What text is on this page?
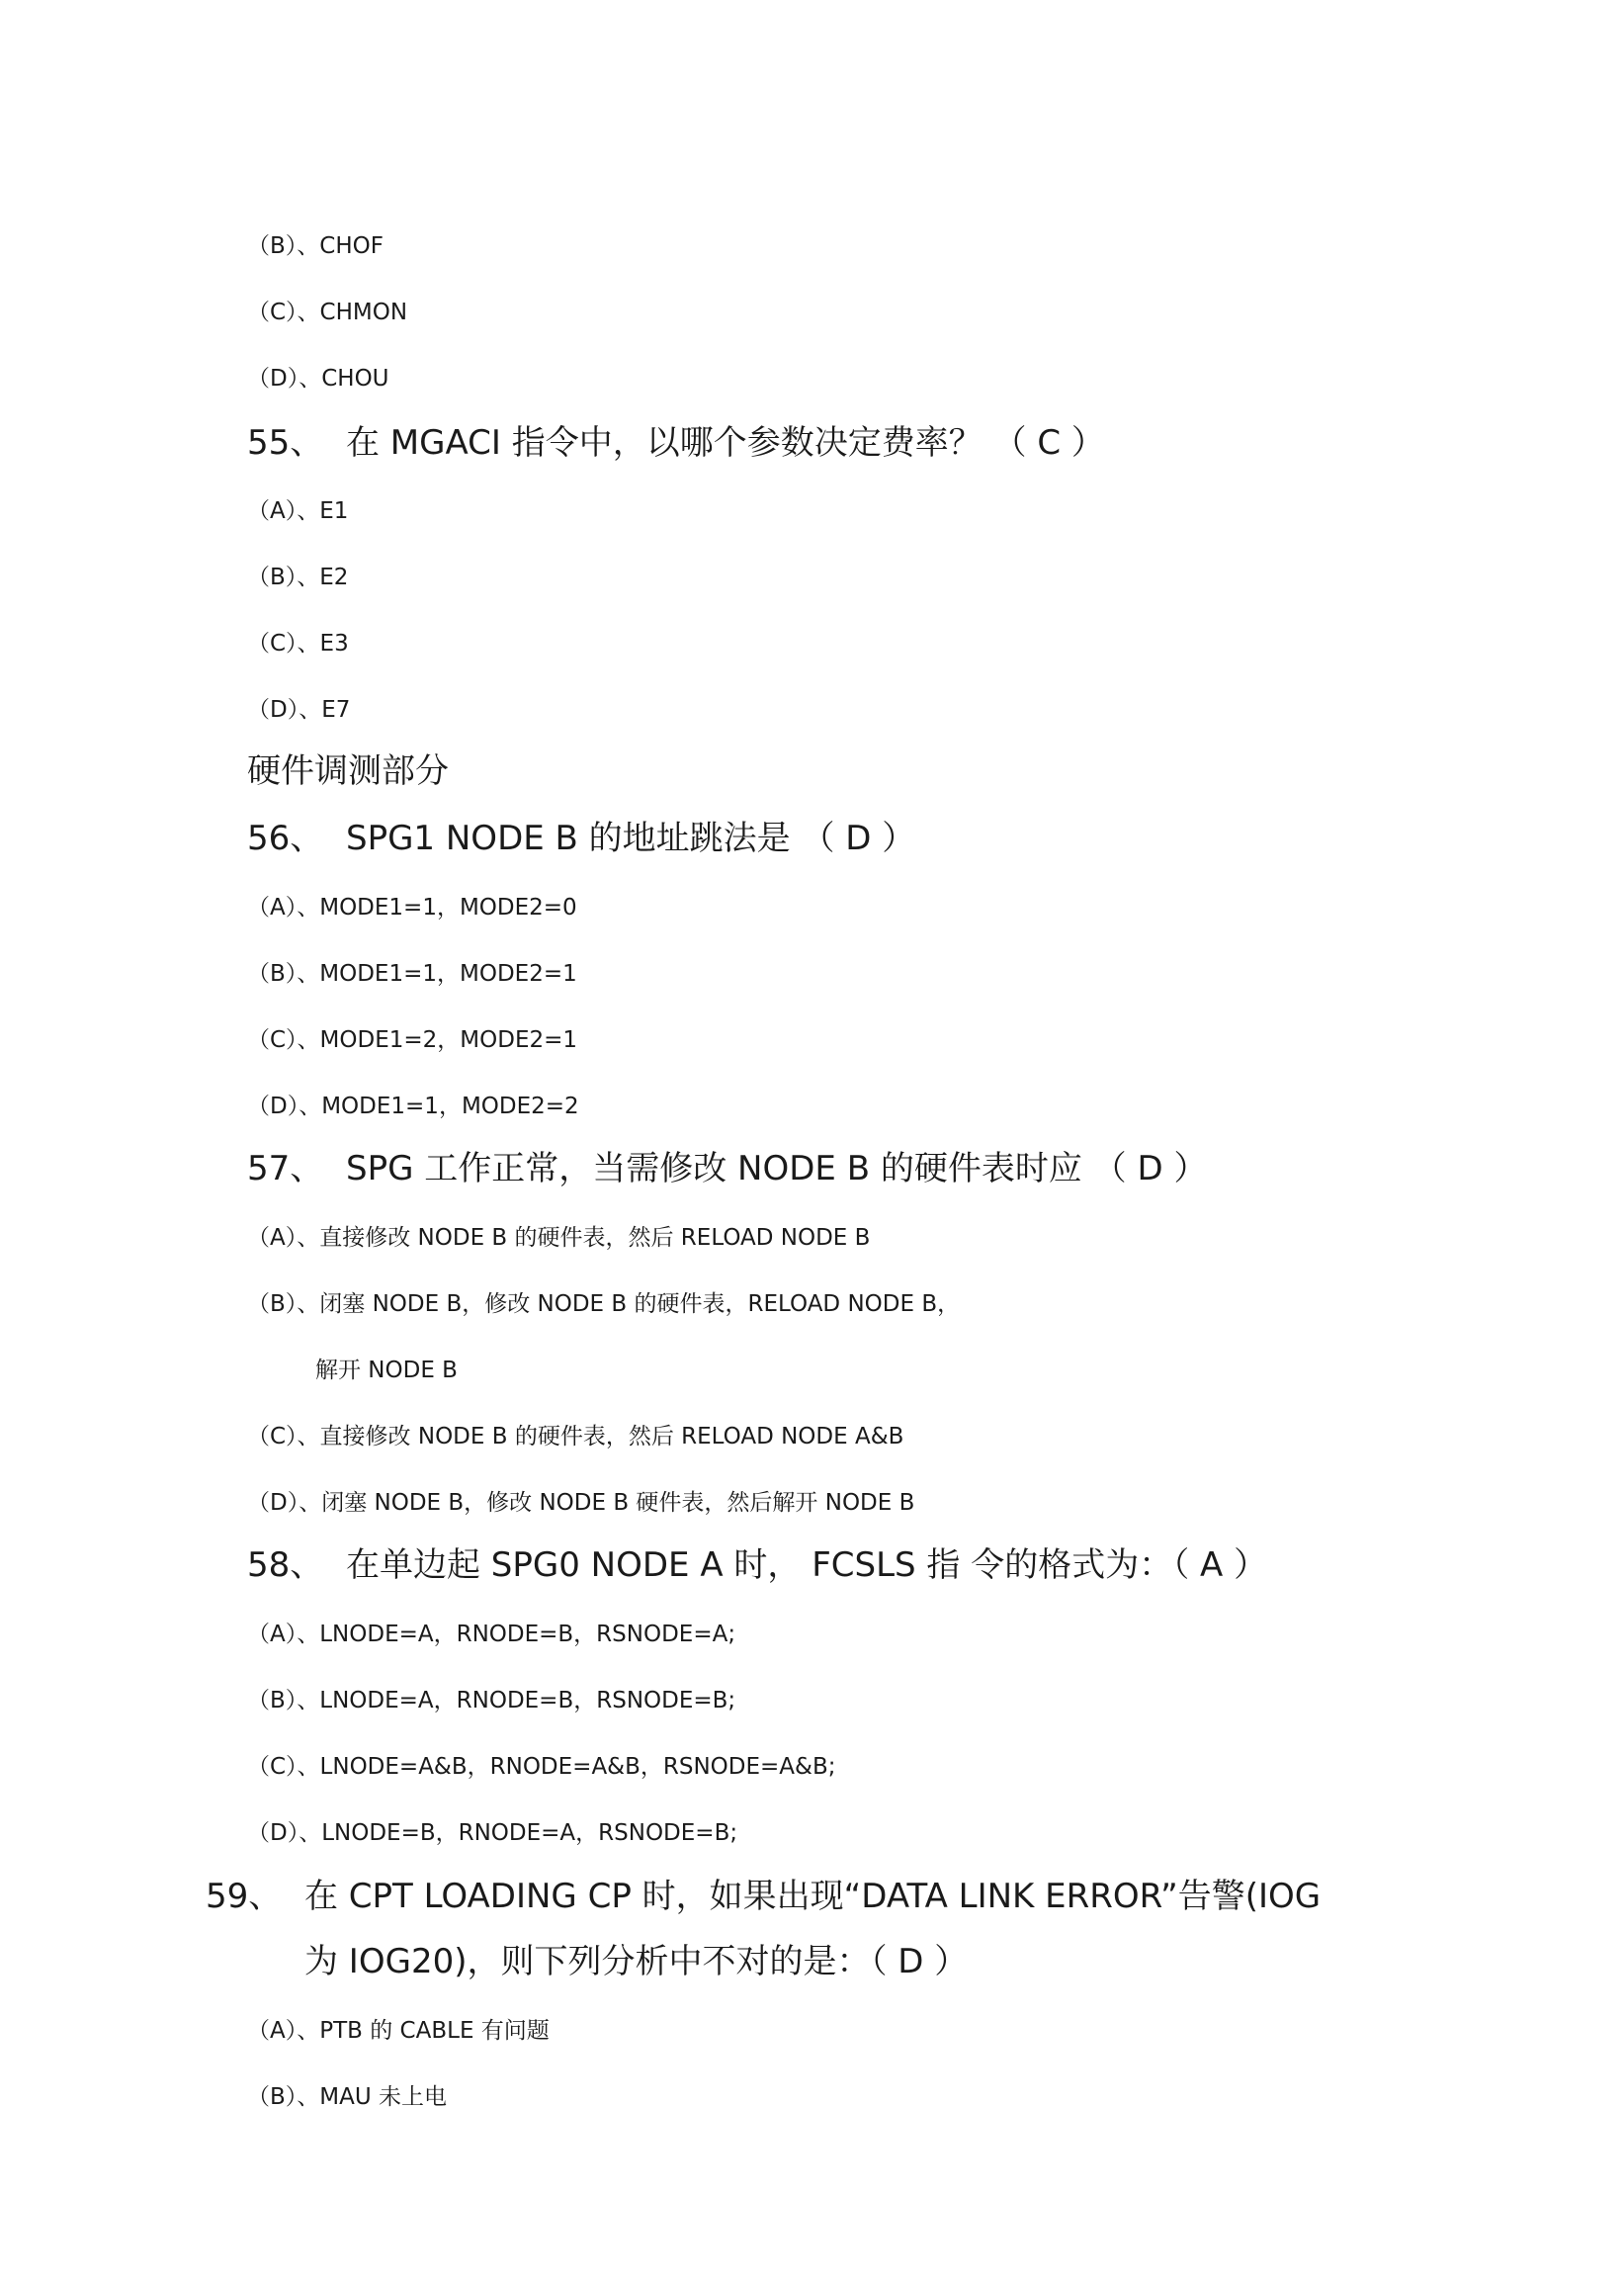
（B）、CHOF
（C）、CHMON
（D）、CHOU
55、 在 MGACI 指令中，以哪个参数决定费率？ （ C ）
（A）、E1
（B）、E2
（C）、E3
（D）、E7
硬件调测部分
56、 SPG1 NODE B 的地址跳法是 （ D ）
（A）、MODE1=1，MODE2=0
（B）、MODE1=1，MODE2=1
（C）、MODE1=2，MODE2=1
（D）、MODE1=1，MODE2=2
57、 SPG 工作正常，当需修改 NODE B 的硬件表时应 （ D ）
（A）、直接修改 NODE B 的硬件表，然后 RELOAD NODE B
（B）、闭塞 NODE B，修改 NODE B 的硬件表，RELOAD NODE B，
解开 NODE B
（C）、直接修改 NODE B 的硬件表，然后 RELOAD NODE A&B
（D）、闭塞 NODE B，修改 NODE B 硬件表，然后解开 NODE B
58、 在单边起 SPG0 NODE A 时， FCSLS 指 令的格式为：（ A ）
（A）、LNODE=A，RNODE=B，RSNODE=A;
（B）、LNODE=A，RNODE=B，RSNODE=B;
（C）、LNODE=A&B，RNODE=A&B，RSNODE=A&B;
（D）、LNODE=B，RNODE=A，RSNODE=B;
59、 在 CPT LOADING CP 时，如果出现“DATA LINK ERROR”告警(IOG
为 IOG20)，则下列分析中不对的是：（ D ）
（A）、PTB 的 CABLE 有问题
（B）、MAU 未上电
